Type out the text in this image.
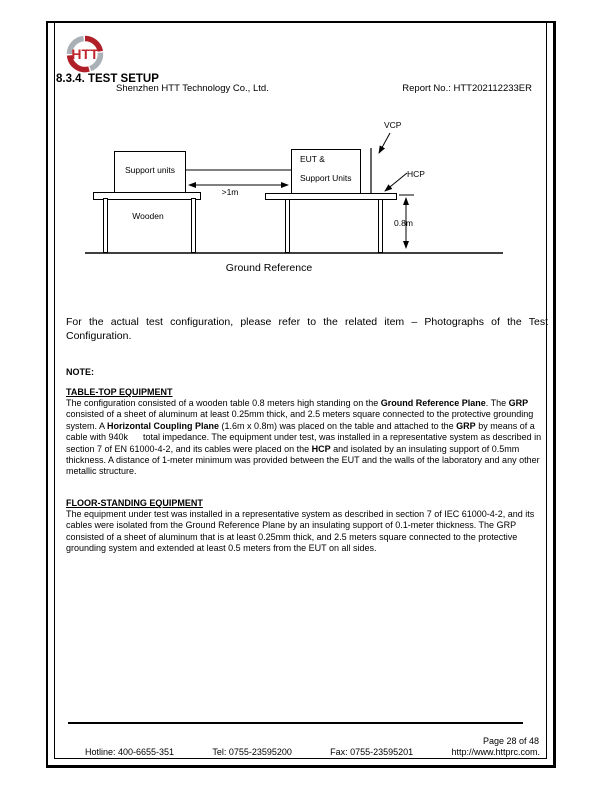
HTT
Shenzhen HTT Technology Co., Ltd.	Report No.: HTT202112233ER
8.3.4. TEST SETUP
Support units
EUT &
Support Units
Wooden
>1m
VCP
HCP
0.8m
Ground Reference
For the actual test configuration, please refer to the related item – Photographs of the Test Configuration.
NOTE:
TABLE-TOP EQUIPMENT
The configuration consisted of a wooden table 0.8 meters high standing on the Ground Reference Plane. The GRP consisted of a sheet of aluminum at least 0.25mm thick, and 2.5 meters square connected to the protective grounding system. A Horizontal Coupling Plane (1.6m x 0.8m) was placed on the table and attached to the GRP by means of a cable with 940k      total impedance. The equipment under test, was installed in a representative system as described in section 7 of EN 61000-4-2, and its cables were placed on the HCP and isolated by an insulating support of 0.5mm thickness. A distance of 1-meter minimum was provided between the EUT and the walls of the laboratory and any other metallic structure.
FLOOR-STANDING EQUIPMENT
The equipment under test was installed in a representative system as described in section 7 of IEC 61000-4-2, and its cables were isolated from the Ground Reference Plane by an insulating support of 0.1-meter thickness. The GRP consisted of a sheet of aluminum that is at least 0.25mm thick, and 2.5 meters square connected to the protective grounding system and extended at least 0.5 meters from the EUT on all sides.
Page 28 of 48
Hotline: 400-6655-351	Tel: 0755-23595200	Fax: 0755-23595201	http://www.httprc.com.
